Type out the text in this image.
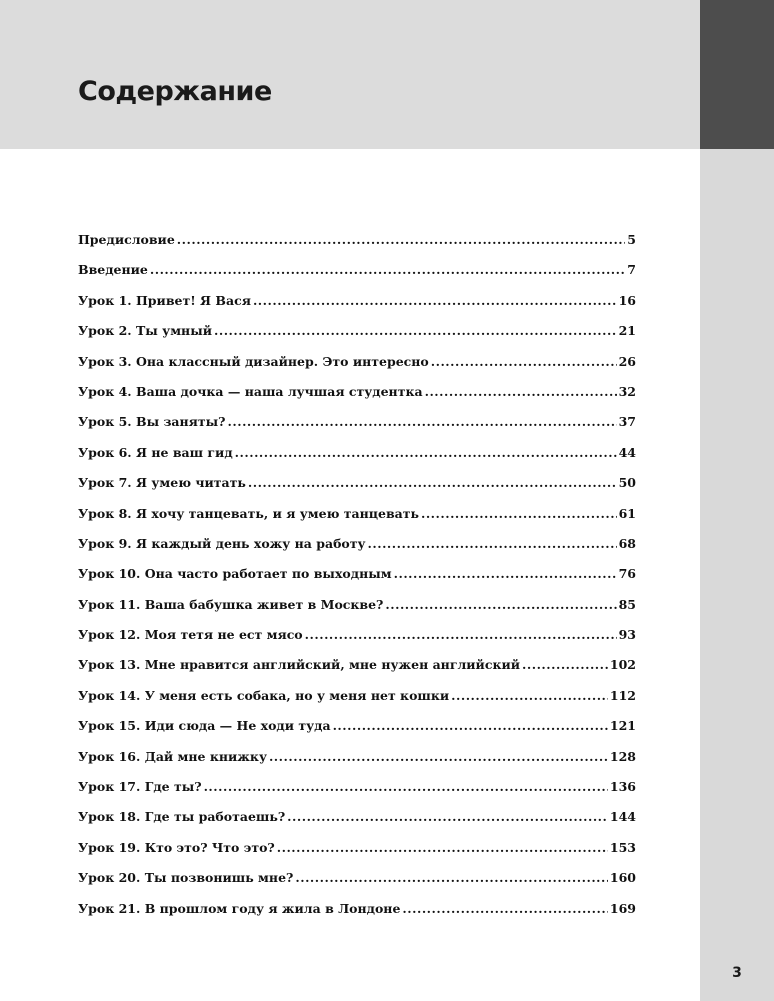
Содержание
Предисловие .....	5
Введение .....	7
Урок 1. Привет! Я Вася .....	16
Урок 2. Ты умный .....	21
Урок 3. Она классный дизайнер. Это интересно .....	26
Урок 4. Ваша дочка — наша лучшая студентка .....	32
Урок 5. Вы заняты? .....	37
Урок 6. Я не ваш гид .....	44
Урок 7. Я умею читать .....	50
Урок 8. Я хочу танцевать, и я умею танцевать .....	61
Урок 9. Я каждый день хожу на работу .....	68
Урок 10. Она часто работает по выходным .....	76
Урок 11. Ваша бабушка живет в Москве? .....	85
Урок 12. Моя тетя не ест мясо .....	93
Урок 13. Мне нравится английский, мне нужен английский .....	102
Урок 14. У меня есть собака, но у меня нет кошки .....	112
Урок 15. Иди сюда — Не ходи туда .....	121
Урок 16. Дай мне книжку .....	128
Урок 17. Где ты? .....	136
Урок 18. Где ты работаешь? .....	144
Урок 19. Кто это? Что это? .....	153
Урок 20. Ты позвонишь мне? .....	160
Урок 21. В прошлом году я жила в Лондоне .....	169
3
